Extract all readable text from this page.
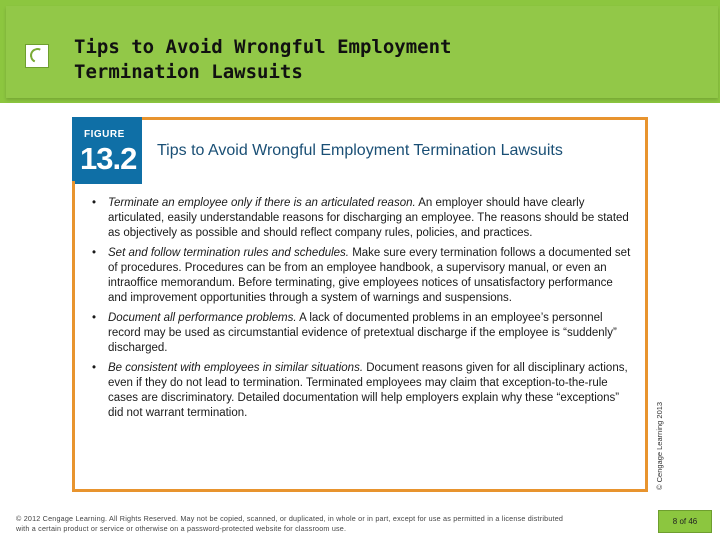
Tips to Avoid Wrongful Employment
Termination Lawsuits
FIGURE
13.2 Tips to Avoid Wrongful Employment Termination Lawsuits
• Terminate an employee only if there is an articulated reason. An employer should have clearly articulated, easily understandable reasons for discharging an employee. The reasons should be stated as objectively as possible and should reflect company rules, policies, and practices.
• Set and follow termination rules and schedules. Make sure every termination follows a documented set of procedures. Procedures can be from an employee handbook, a supervisory manual, or even an intraoffice memorandum. Before terminating, give employees notices of unsatisfactory performance and improvement opportunities through a system of warnings and suspensions.
• Document all performance problems. A lack of documented problems in an employee’s personnel record may be used as circumstantial evidence of pretextual discharge if the employee is “suddenly” discharged.
• Be consistent with employees in similar situations. Document reasons given for all disciplinary actions, even if they do not lead to termination. Terminated employees may claim that exception-to-the-rule cases are discriminatory. Detailed documentation will help employers explain why these “exceptions” did not warrant termination.	© Cengage Learning 2013
© 2012 Cengage Learning. All Rights Reserved. May not be copied, scanned, or duplicated, in whole or in part, except for use as permitted in a license distributed with a certain product or service or otherwise on a password-protected website for classroom use.
8 of 46
